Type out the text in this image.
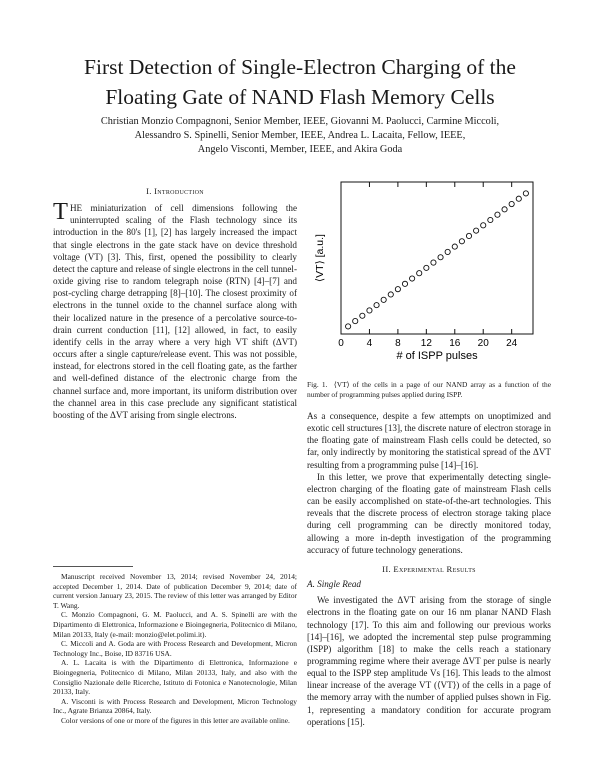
First Detection of Single-Electron Charging of the
Floating Gate of NAND Flash Memory Cells

Christian Monzio Compagnoni, Senior Member, IEEE, Giovanni M. Paolucci, Carmine Miccoli,

Alessandro S. Spinelli, Senior Member, IEEE, Andrea L. Lacaita, Fellow, IEEE,

Angelo Visconti, Member, IEEE, and Akira Goda

I. Introduction

THE miniaturization of cell dimensions following the uninterrupted scaling of the Flash technology since its introduction in the 80's [1], [2] has largely increased the impact that single electrons in the gate stack have on device threshold voltage (VT) [3]. This, first, opened the possibility to clearly detect the capture and release of single electrons in the cell tunnel-oxide giving rise to random telegraph noise (RTN) [4]–[7] and post-cycling charge detrapping [8]–[10]. The closest proximity of electrons in the tunnel oxide to the channel surface along with their localized nature in the presence of a percolative source-to-drain current conduction [11], [12] allowed, in fact, to easily identify cells in the array where a very high VT shift (ΔVT) occurs after a single capture/release event. This was not possible, instead, for electrons stored in the cell floating gate, as the farther and well-defined distance of the electronic charge from the channel surface and, more important, its uniform distribution over the channel area in this case preclude any significant statistical boosting of the ΔVT arising from single electrons.

Manuscript received November 13, 2014; revised November 24, 2014; accepted December 1, 2014. Date of publication December 9, 2014; date of current version January 23, 2015. The review of this letter was arranged by Editor T. Wang.

C. Monzio Compagnoni, G. M. Paolucci, and A. S. Spinelli are with the Dipartimento di Elettronica, Informazione e Bioingegneria, Politecnico di Milano, Milan 20133, Italy (e-mail: monzio@elet.polimi.it).

C. Miccoli and A. Goda are with Process Research and Development, Micron Technology Inc., Boise, ID 83716 USA.

A. L. Lacaita is with the Dipartimento di Elettronica, Informazione e Bioingegneria, Politecnico di Milano, Milan 20133, Italy, and also with the Consiglio Nazionale delle Ricerche, Istituto di Fotonica e Nanotecnologie, Milan 20133, Italy.

A. Visconti is with Process Research and Development, Micron Technology Inc., Agrate Brianza 20864, Italy.

Color versions of one or more of the figures in this letter are available online.

0 4 8 12 16 20 24
⟨VT⟩ [a.u.]
# of ISPP pulses
Fig. 1. ⟨VT⟩ of the cells in a page of our NAND array as a function of the number of programming pulses applied during ISPP.

As a consequence, despite a few attempts on unoptimized and exotic cell structures [13], the discrete nature of electron storage in the floating gate of mainstream Flash cells could be detected, so far, only indirectly by monitoring the statistical spread of the ΔVT resulting from a programming pulse [14]–[16].

In this letter, we prove that experimentally detecting single-electron charging of the floating gate of mainstream Flash cells can be easily accomplished on state-of-the-art technologies. This reveals that the discrete process of electron storage taking place during cell programming can be directly monitored today, allowing a more in-depth investigation of the programming accuracy of future technology generations.

II. Experimental Results

A. Single Read

We investigated the ΔVT arising from the storage of single electrons in the floating gate on our 16 nm planar NAND Flash technology [17]. To this aim and following our previous works [14]–[16], we adopted the incremental step pulse programming (ISPP) algorithm [18] to make the cells reach a stationary programming regime where their average ΔVT per pulse is nearly equal to the ISPP step amplitude Vs [16]. This leads to the almost linear increase of the average VT (⟨VT⟩) of the cells in a page of the memory array with the number of applied pulses shown in Fig. 1, representing a mandatory condition for accurate program operations [15].
